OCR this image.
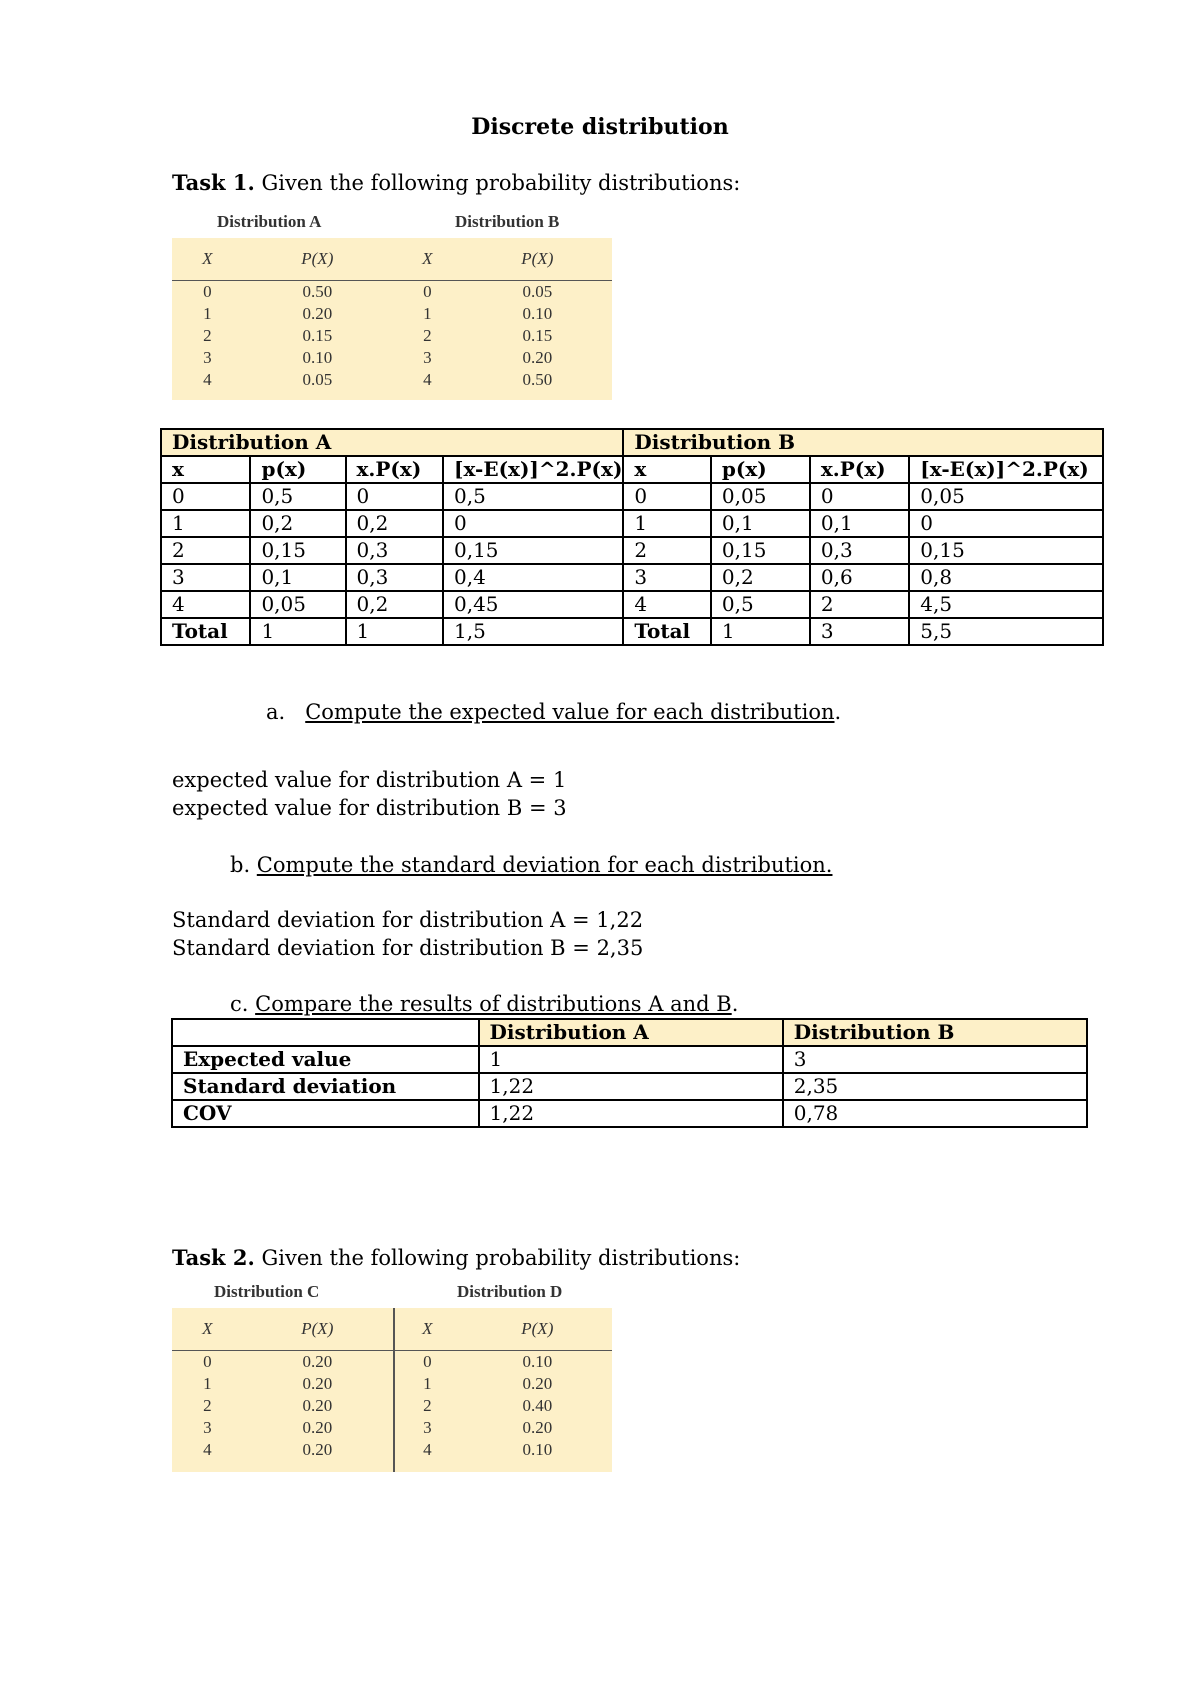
Discrete distribution
Task 1. Given the following probability distributions:
Distribution A	Distribution B
X	P(X)	X	P(X)
0	0.50	0	0.05
1	0.20	1	0.10
2	0.15	2	0.15
3	0.10	3	0.20
4	0.05	4	0.50
Distribution A				Distribution B			
x	p(x)	x.P(x)	[x-E(x)]^2.P(x)	x	p(x)	x.P(x)	[x-E(x)]^2.P(x)
0	0,5	0	0,5	0	0,05	0	0,05
1	0,2	0,2	0	1	0,1	0,1	0
2	0,15	0,3	0,15	2	0,15	0,3	0,15
3	0,1	0,3	0,4	3	0,2	0,6	0,8
4	0,05	0,2	0,45	4	0,5	2	4,5
Total	1	1	1,5	Total	1	3	5,5
a. Compute the expected value for each distribution.
expected value for distribution A = 1
expected value for distribution B = 3
b. Compute the standard deviation for each distribution.
Standard deviation for distribution A = 1,22
Standard deviation for distribution B = 2,35
c. Compare the results of distributions A and B.
	Distribution A	Distribution B
Expected value	1	3
Standard deviation	1,22	2,35
COV	1,22	0,78
Task 2. Given the following probability distributions:
Distribution C	Distribution D
X	P(X)	X	P(X)
0	0.20	0	0.10
1	0.20	1	0.20
2	0.20	2	0.40
3	0.20	3	0.20
4	0.20	4	0.10
